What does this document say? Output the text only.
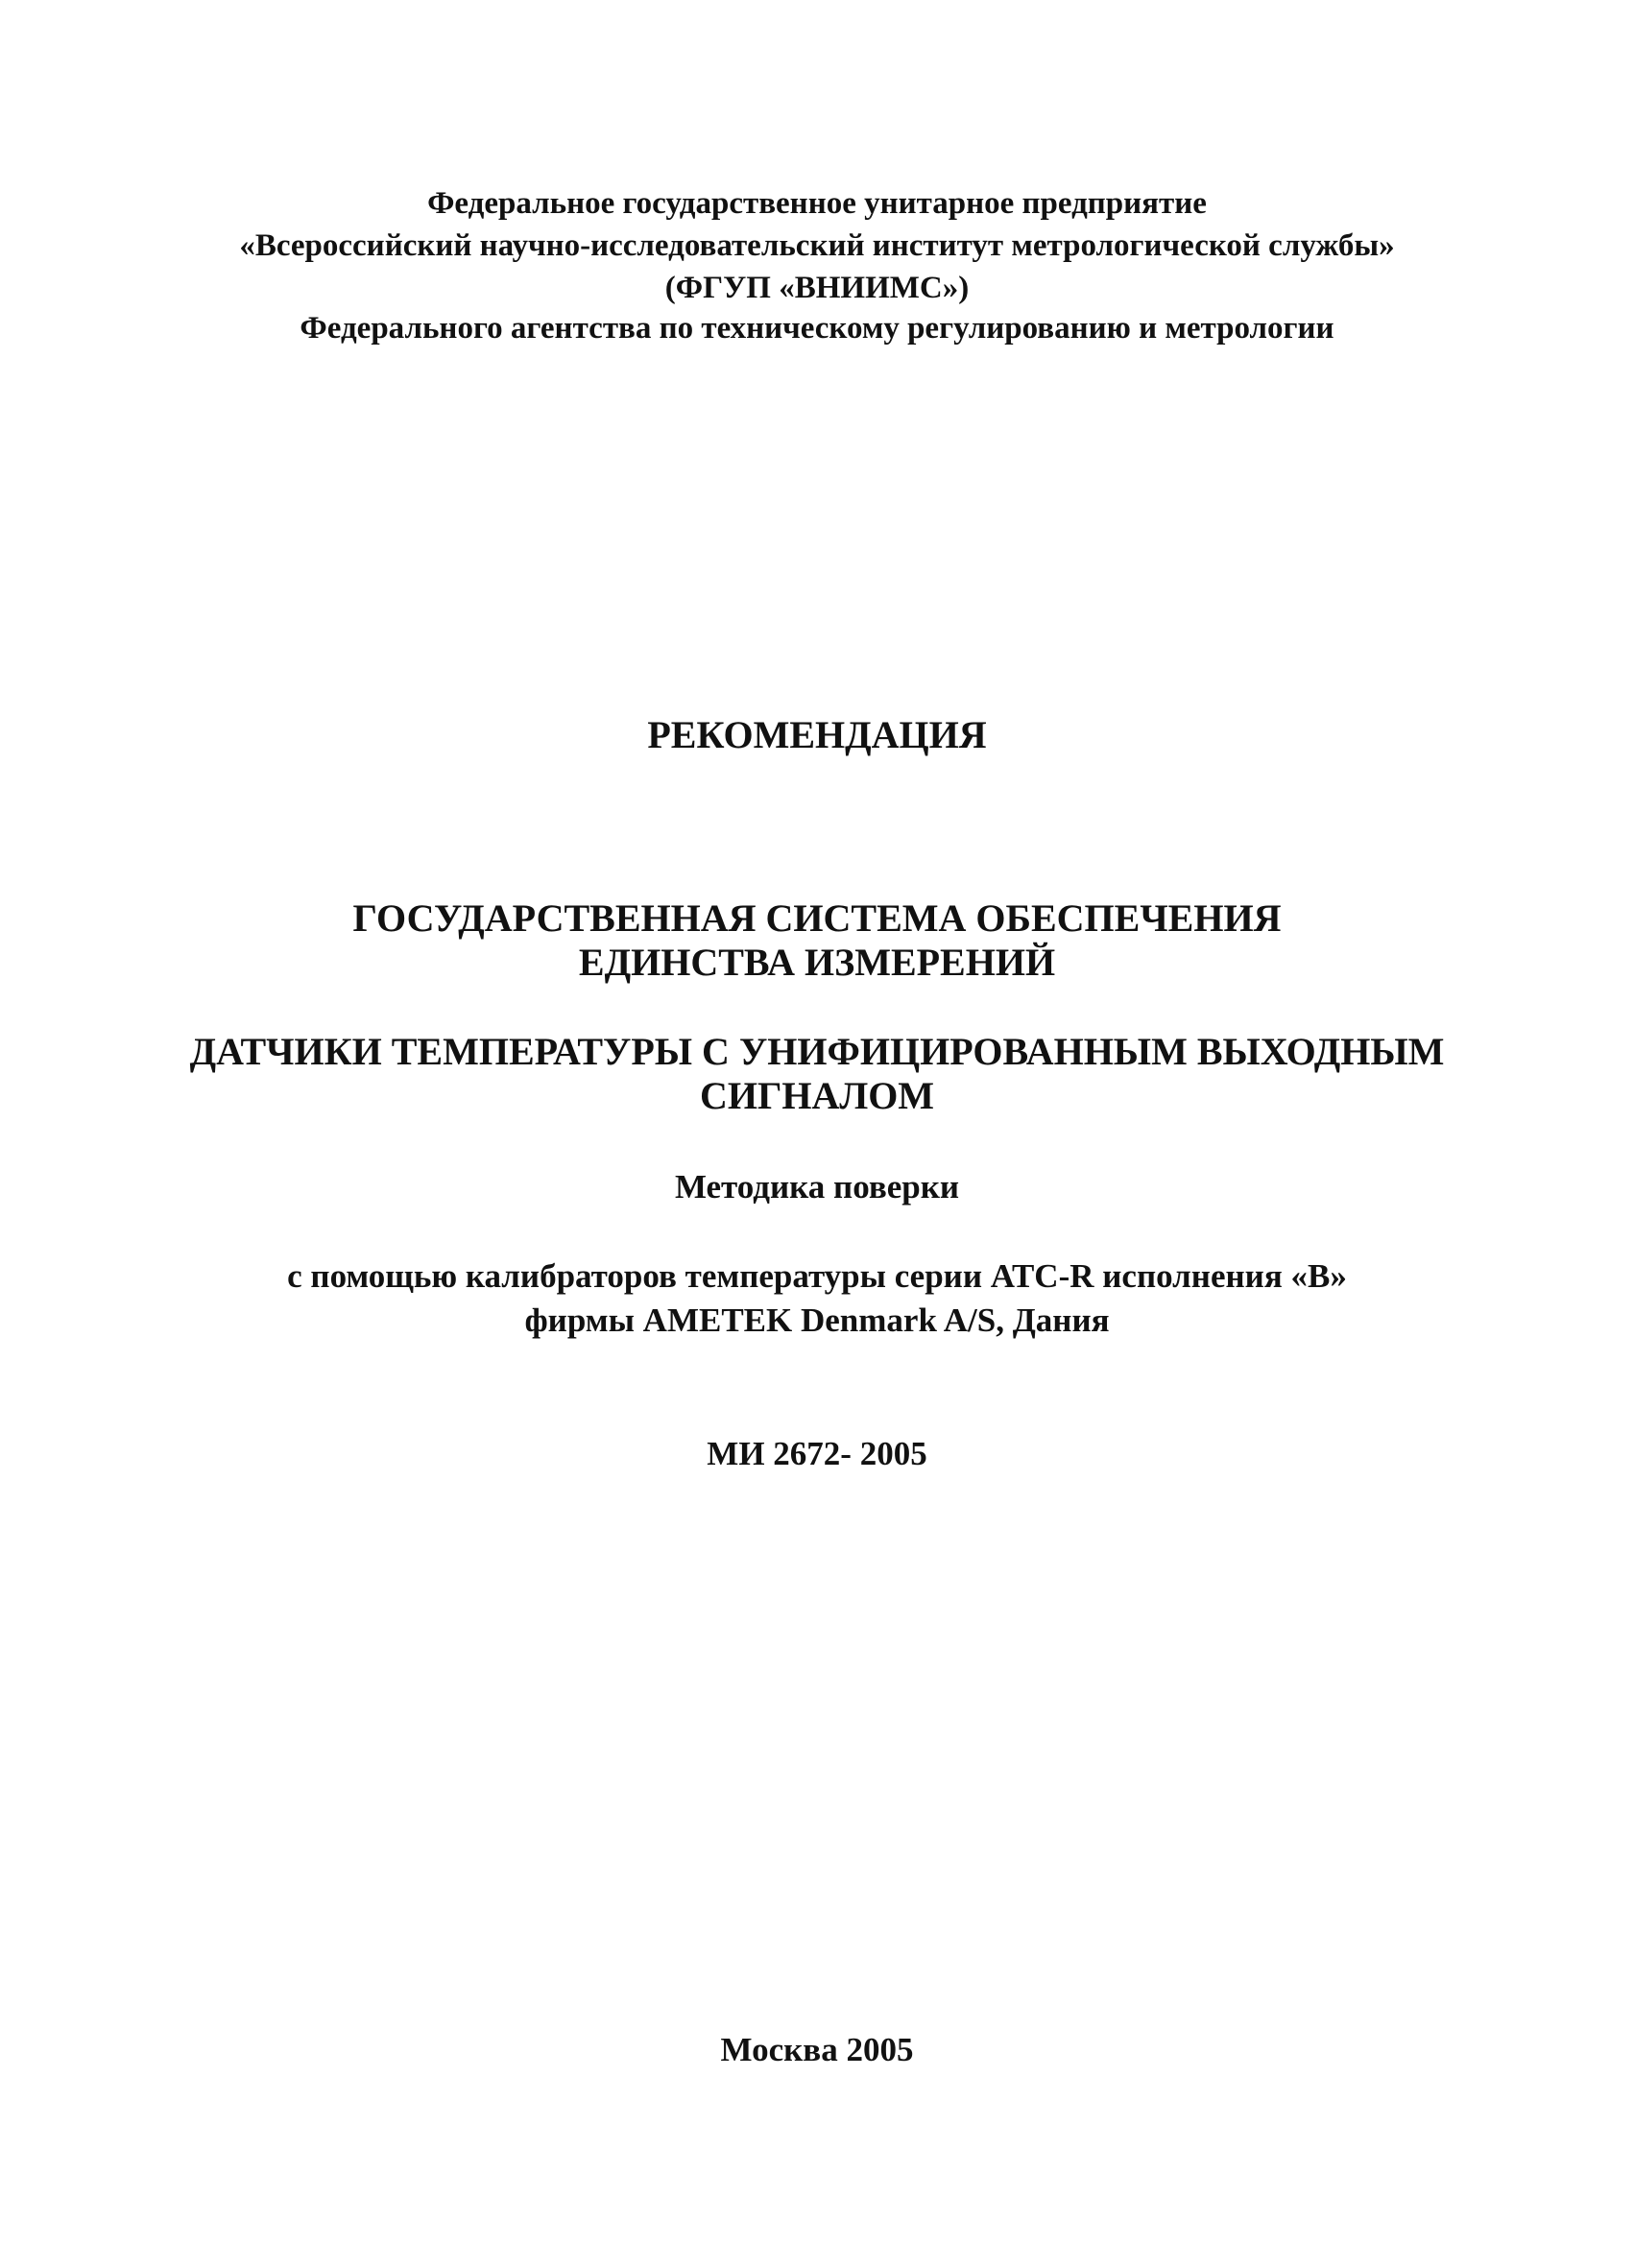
Федеральное государственное унитарное предприятие
«Всероссийский научно-исследовательский институт метрологической службы»
(ФГУП «ВНИИМС»)
Федерального агентства по техническому регулированию и метрологии
РЕКОМЕНДАЦИЯ
ГОСУДАРСТВЕННАЯ СИСТЕМА ОБЕСПЕЧЕНИЯ
ЕДИНСТВА ИЗМЕРЕНИЙ
ДАТЧИКИ ТЕМПЕРАТУРЫ С УНИФИЦИРОВАННЫМ ВЫХОДНЫМ
СИГНАЛОМ
Методика поверки
с помощью калибраторов температуры серии АТС-R исполнения «В»
фирмы AMETEK Denmark A/S, Дания
МИ 2672- 2005
Москва 2005
